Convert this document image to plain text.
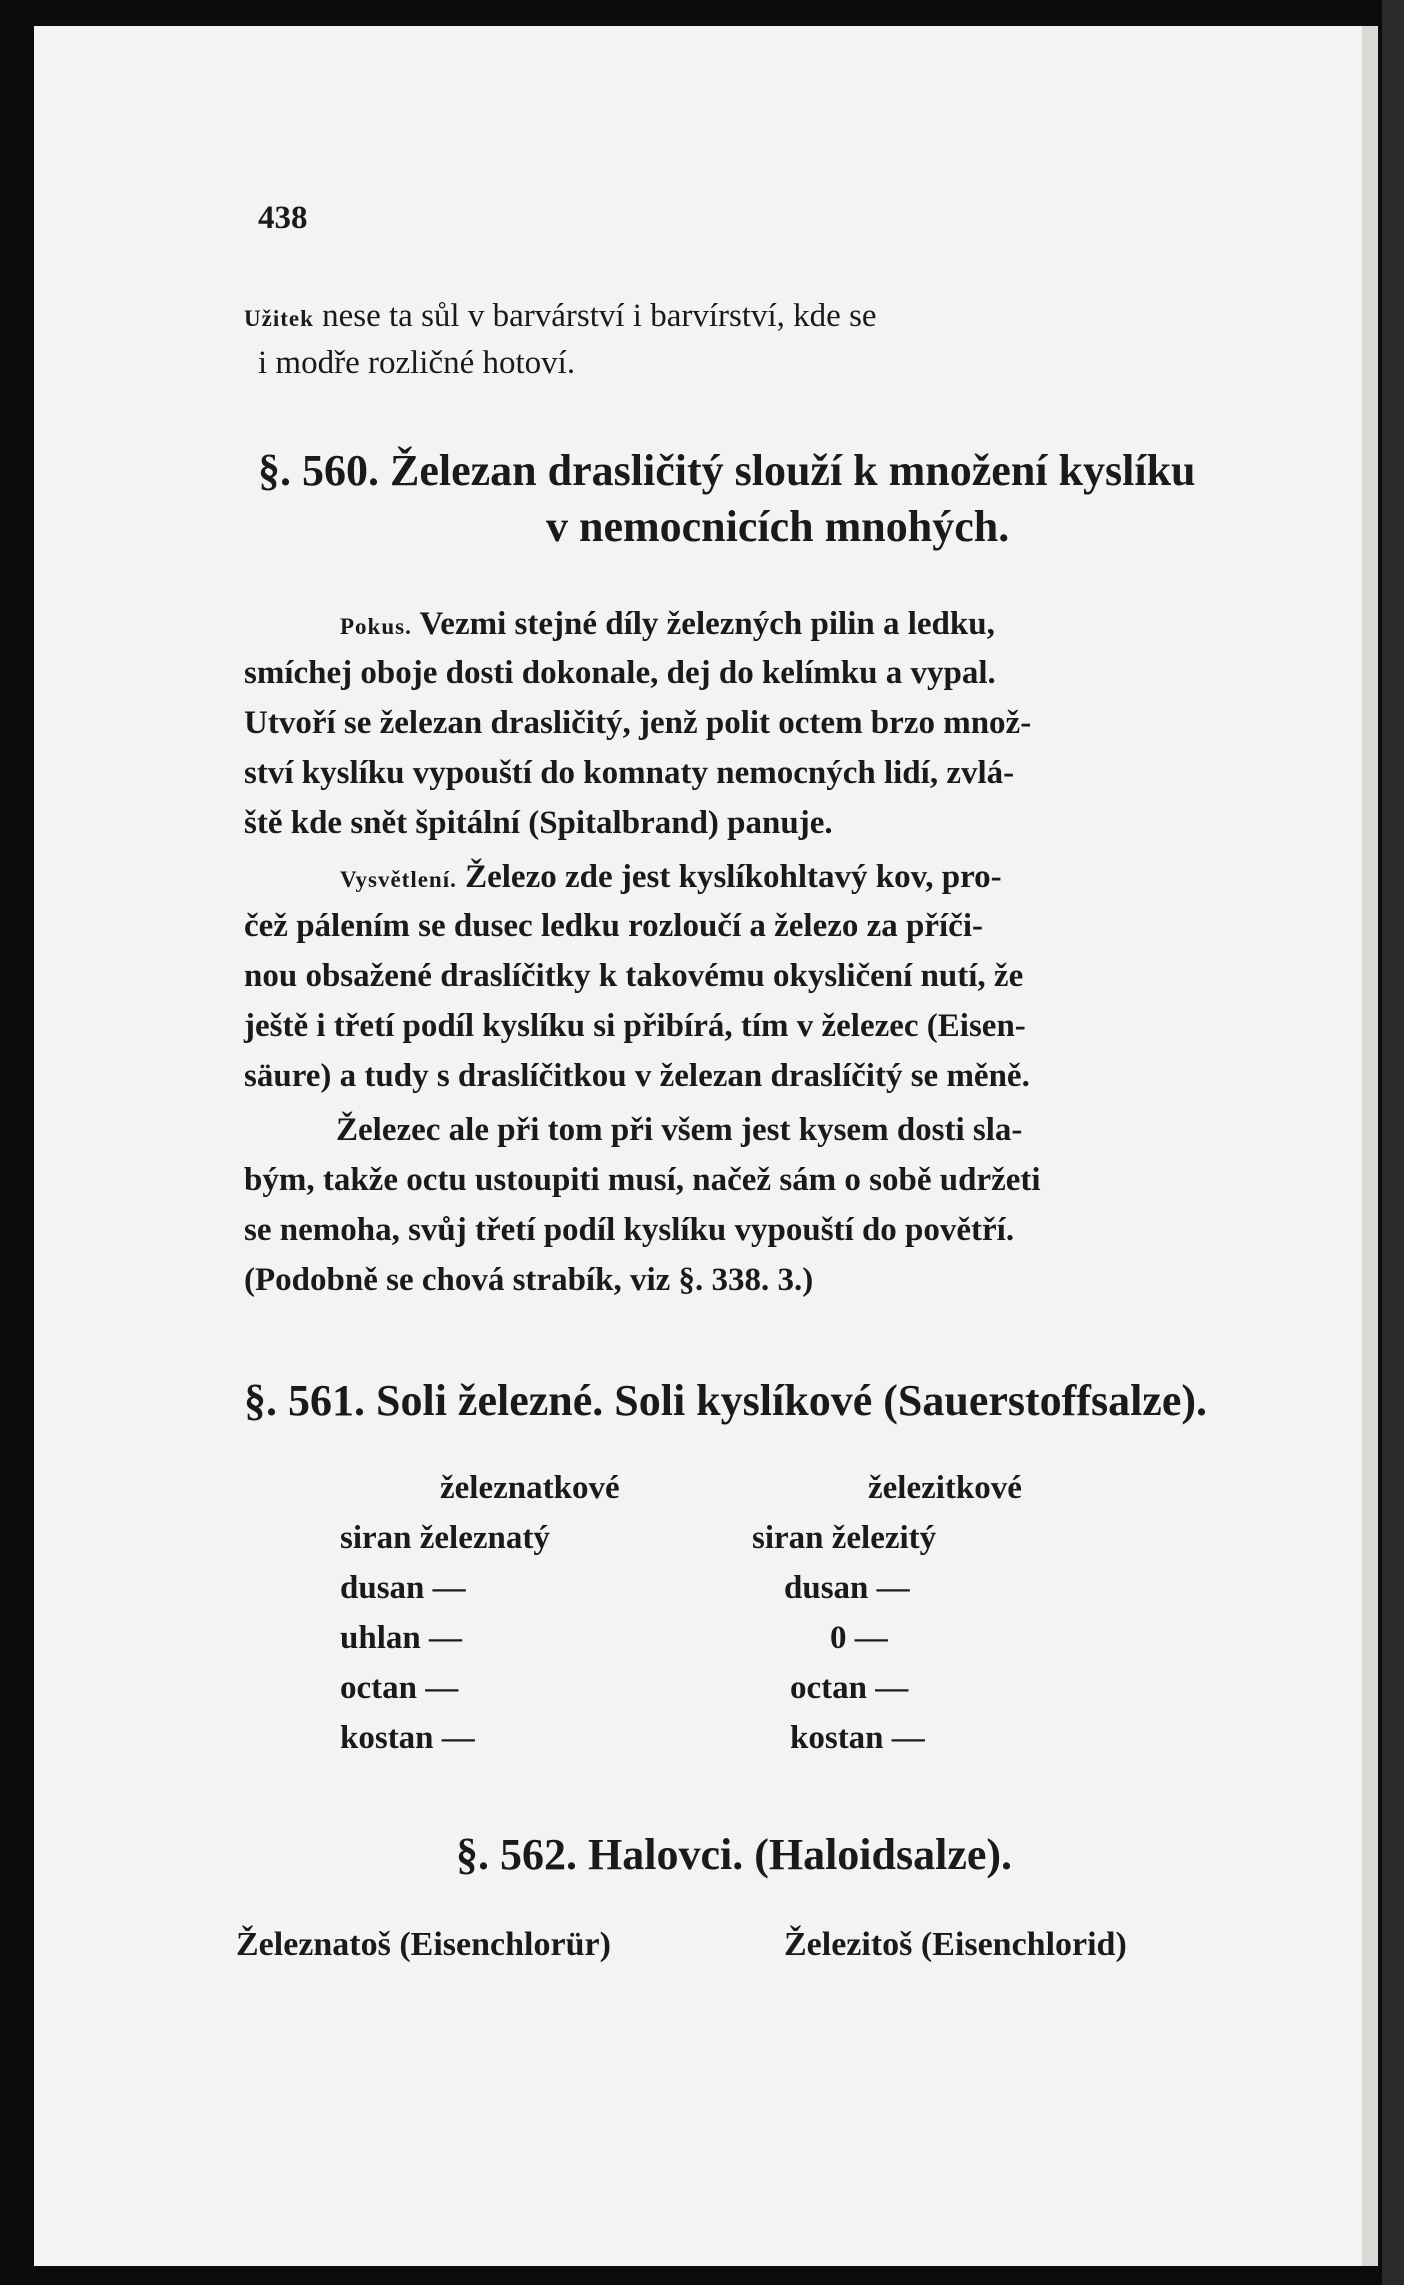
438
Užitek nese ta sůl v barvárství i barvírství, kde se
i modře rozličné hotoví.
§. 560. Železan drasličitý slouží k množení kyslíku
v nemocnicích mnohých.
Pokus. Vezmi stejné díly železných pilin a ledku,
smíchej oboje dosti dokonale, dej do kelímku a vypal.
Utvoří se železan drasličitý, jenž polit octem brzo množ-
ství kyslíku vypouští do komnaty nemocných lidí, zvlá-
ště kde snět špitální (Spitalbrand) panuje.
Vysvětlení. Železo zde jest kyslíkohltavý kov, pro-
čež pálením se dusec ledku rozloučí a železo za příči-
nou obsažené draslíčitky k takovému okysličení nutí, že
ještě i třetí podíl kyslíku si přibírá, tím v železec (Eisen-
säure) a tudy s draslíčitkou v železan draslíčitý se měně.
Železec ale při tom při všem jest kysem dosti sla-
bým, takže octu ustoupiti musí, načež sám o sobě udržeti
se nemoha, svůj třetí podíl kyslíku vypouští do povětří.
(Podobně se chová strabík, viz §. 338. 3.)
§. 561. Soli železné. Soli kyslíkové (Sauerstoffsalze).
železnatkové	železitkové
siran železnatý	siran železitý
dusan —	dusan —
uhlan —	0 —
octan —	octan —
kostan —	kostan —
§. 562. Halovci. (Haloidsalze).
Železnatoš (Eisenchlorür)	Železitoš (Eisenchlorid)
